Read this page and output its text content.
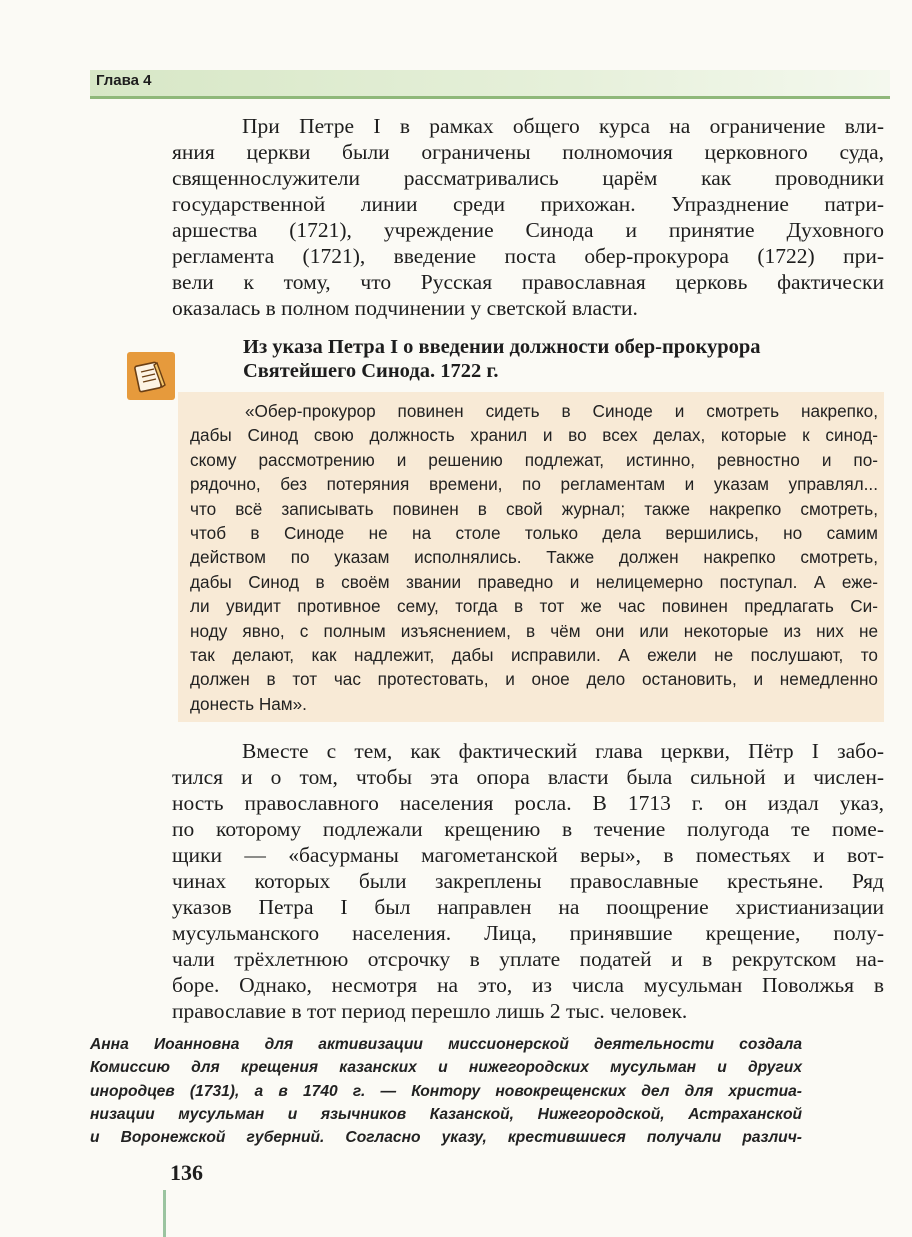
Глава 4
При Петре I в рамках общего курса на ограничение вли-
яния церкви были ограничены полномочия церковного суда,
священнослужители рассматривались царём как проводники
государственной линии среди прихожан. Упразднение патри-
аршества (1721), учреждение Синода и принятие Духовного
регламента (1721), введение поста обер-прокурора (1722) при-
вели к тому, что Русская православная церковь фактически
оказалась в полном подчинении у светской власти.
Из указа Петра I о введении должности обер-прокурора
Святейшего Синода. 1722 г.
«Обер-прокурор повинен сидеть в Синоде и смотреть накрепко,
дабы Синод свою должность хранил и во всех делах, которые к синод-
скому рассмотрению и решению подлежат, истинно, ревностно и по-
рядочно, без потеряния времени, по регламентам и указам управлял...
что всё записывать повинен в свой журнал; также накрепко смотреть,
чтоб в Синоде не на столе только дела вершились, но самим
действом по указам исполнялись. Также должен накрепко смотреть,
дабы Синод в своём звании праведно и нелицемерно поступал. А еже-
ли увидит противное сему, тогда в тот же час повинен предлагать Си-
ноду явно, с полным изъяснением, в чём они или некоторые из них не
так делают, как надлежит, дабы исправили. А ежели не послушают, то
должен в тот час протестовать, и оное дело остановить, и немедленно
донесть Нам».
Вместе с тем, как фактический глава церкви, Пётр I забо-
тился и о том, чтобы эта опора власти была сильной и числен-
ность православного населения росла. В 1713 г. он издал указ,
по которому подлежали крещению в течение полугода те поме-
щики — «басурманы магометанской веры», в поместьях и вот-
чинах которых были закреплены православные крестьяне. Ряд
указов Петра I был направлен на поощрение христианизации
мусульманского населения. Лица, принявшие крещение, полу-
чали трёхлетнюю отсрочку в уплате податей и в рекрутском на-
боре. Однако, несмотря на это, из числа мусульман Поволжья в
православие в тот период перешло лишь 2 тыс. человек.
Анна Иоанновна для активизации миссионерской деятельности создала
Комиссию для крещения казанских и нижегородских мусульман и других
инородцев (1731), а в 1740 г. — Контору новокрещенских дел для христиа-
низации мусульман и язычников Казанской, Нижегородской, Астраханской
и Воронежской губерний. Согласно указу, крестившиеся получали различ-
136
